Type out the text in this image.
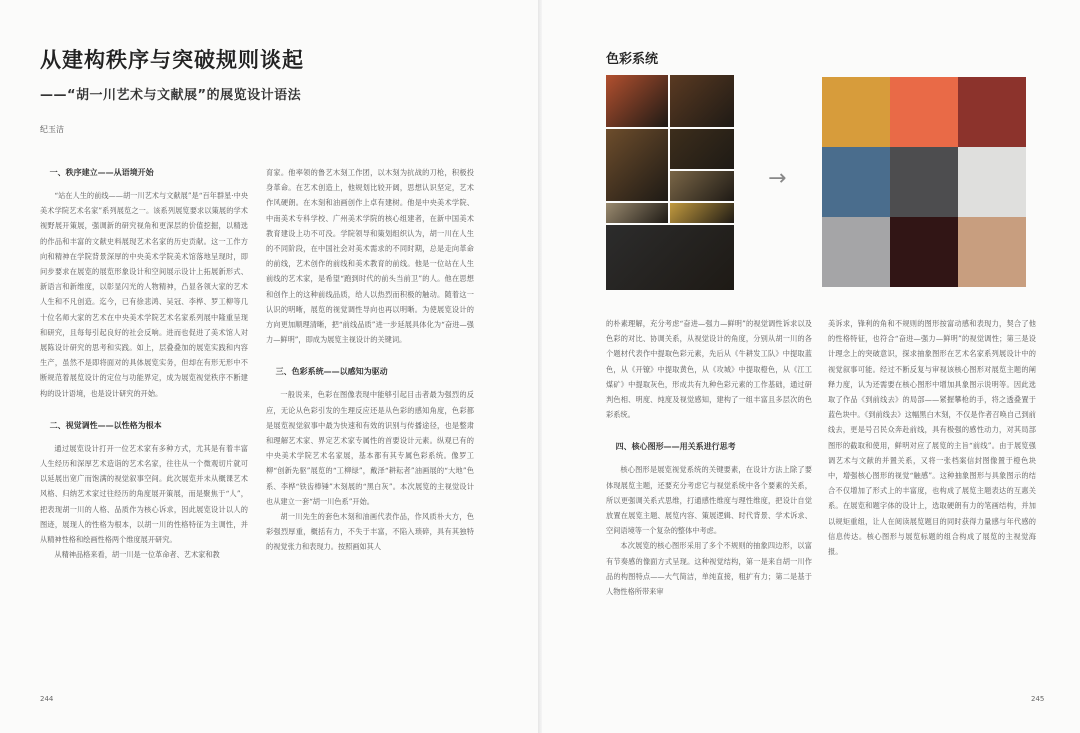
从建构秩序与突破规则谈起
——“胡一川艺术与文献展”的展览设计语法
纪玉洁
一、秩序建立——从语境开始

“站在人生的前线——胡一川艺术与文献展”是“百年群星·中央美术学院艺术名家”系列展览之一。该系列展览要求以策展的学术视野展开策展，强调新的研究视角和更深层的价值挖掘，以精选的作品和丰富的文献史料展现艺术名家的历史贡献。这一工作方向和精神在学院背景深厚的中央美术学院美术馆落地呈现时，即问步要求在展览的展览形象设计和空间展示设计上拓展新形式、新语言和新维度，以彰显闪光的人物精神，凸显各领大家的艺术人生和不凡创造。迄今，已有徐悲鸿、吴冠、李桦、罗工柳等几十位名师大家的艺术在中央美术学院艺术名家系列展中隆重呈现和研究，且每每引起良好的社会反响。进而也促进了美术馆人对展陈设计研究的思考和实践。如上，层叠叠加的展览实践和内容生产，虽然不是即将面对的具体展览实务，但却在有形无形中不断规范着展览设计的定位与功能界定，成为展览视觉秩序不断建构的设计语境，也是设计研究的开始。

二、视觉调性——以性格为根本

通过展览设计打开一位艺术家有多种方式，尤其是有着丰富人生经历和深厚艺术造诣的艺术名家，往往从一个微观切片就可以延展出宽广而饱满的视觉叙事空间。此次展览并未从概课艺术风格、归纳艺术家过往经历的角度展开策展，而是聚焦于“人”，把表现胡一川的人格、品质作为核心诉求，因此展览设计以人的图迹，展现人的性格为根本，以胡一川的性格特征为主调性，并从精神性格和绘画性格两个维度展开研究。

从精神品格来看，胡一川是一位革命者、艺术家和教

育家。他率领的鲁艺木刻工作团，以木刻为抗战的刀枪，积极投身革命。在艺术创造上，他规划比较开阔，思想认识坚定，艺术作风硬朗。在木刻和油画创作上卓有建树。他是中央美术学院、中南美术专科学校、广州美术学院的核心组建者，在新中国美术教育建设上功不可没。学院领导和策划组织认为，胡一川在人生的不同阶段，在中国社会对美术需求的不同时期，总是走向革命的前线，艺术创作的前线和美术教育的前线。他是一位站在人生前线的艺术家，是希望“跑到时代的前头当前卫”的人。他在思想和创作上的这种前线品质，给人以热烈而积极的触动。随着这一认识的明晰，展览的视觉调性导向也再以明晰。为使展览设计的方向更加顺理清晰，把“前线品质”进一步延展具体化为“奋进—强力—鲜明”，即成为展览主视设计的关键词。

三、色彩系统——以感知为驱动

一般说来，色彩在图像表现中能够引起目击者最为强烈的反应，无论从色彩引发的生理反应还是从色彩的感知角度，色彩都是展览视觉叙事中最为快速和有效的识别与传播途径，也是整肃和理解艺术家、界定艺术家专属性的首要设计元素。纵观已有的中央美术学院艺术名家展，基本都有其专属色彩系统。像罗工柳“创新先驱”展览的“工柳绿”，戴泽“耕耘者”油画展的“大地”色系、李桦“铁齿棒锤”木刻展的“黑白灰”。本次展览的主视觉设计也从建立一套“胡一川色系”开始。

胡一川先生的套色木刻和油画代表作品，作风质朴大方，色彩强烈厚重，概括有力，不失于丰富，不陷入琐碎，具有其独特的视觉张力和表现力。按照画如其人

244
色彩系统
→

的朴素理解，充分考虑“奋进—强力—鲜明”的视觉调性诉求以及色彩的对比、协调关系，从视觉设计的角度，分别从胡一川的各个题材代表作中提取色彩元素，先后从《牛耕发工队》中提取蓝色，从《开镣》中提取黄色，从《攻城》中提取橙色，从《江工煤矿》中提取灰色，形成共有九种色彩元素的工作基础，通过研判色相、明度、纯度及视觉感知，建构了一组丰富且多层次的色彩系统。

四、核心图形——用关系进行思考

核心图形是展览视觉系统的关键要素，在设计方法上除了要体现展览主题，还要充分考虑它与视觉系统中各个要素的关系，所以更强调关系式思维，打通感性维度与理性维度，把设计自觉放置在展览主题、展览内容、策展逻辑、时代背景、学术诉求、空间语境等一个复杂的整体中考虑。

本次展览的核心图形采用了多个不规则的抽象四边形，以富有节奏感的像面方式呈现。这种视觉结构，第一是来自胡一川作品的构图特点——大气简洁，单纯直接，粗扩有力；第二是基于人物性格所带来审

美诉求，锋利的角和不规则的图形按富动感和表现力，契合了他的性格特征，也符合“奋进—强力—鲜明”的视觉调性；第三是设计理念上的突破意识，探求抽象图形在艺术名家系列展设计中的视觉叙事可能。经过不断反复与审视该核心图形对展览主题的阐释力度，认为还需要在核心图形中增加具象图示说明等。因此选取了作品《到前线去》的局部——紧握攀枪的手，将之透叠置于蓝色块中。《到前线去》这幅黑白木刻，不仅是作者召唤自己到前线去，更是号召民众奔赴前线，具有极强的感性动力，对其局部图形的截取和使用，鲜明对应了展览的主旨“前线”。由于展览强调艺术与文献的并置关系，又将一张档案信封图像置于橙色块中，增强核心图形的视觉“触感”。这种抽象图形与具象图示的结合不仅增加了形式上的丰富度，也构成了展览主题表达的互惠关系。在展览和题字体的设计上，选取硬朗有力的笔画结构，并加以规矩重组，让人在阅读展览题目的同时获得力量感与年代感的信息传达。核心图形与展览标题的组合构成了展览的主视觉海报。

245
